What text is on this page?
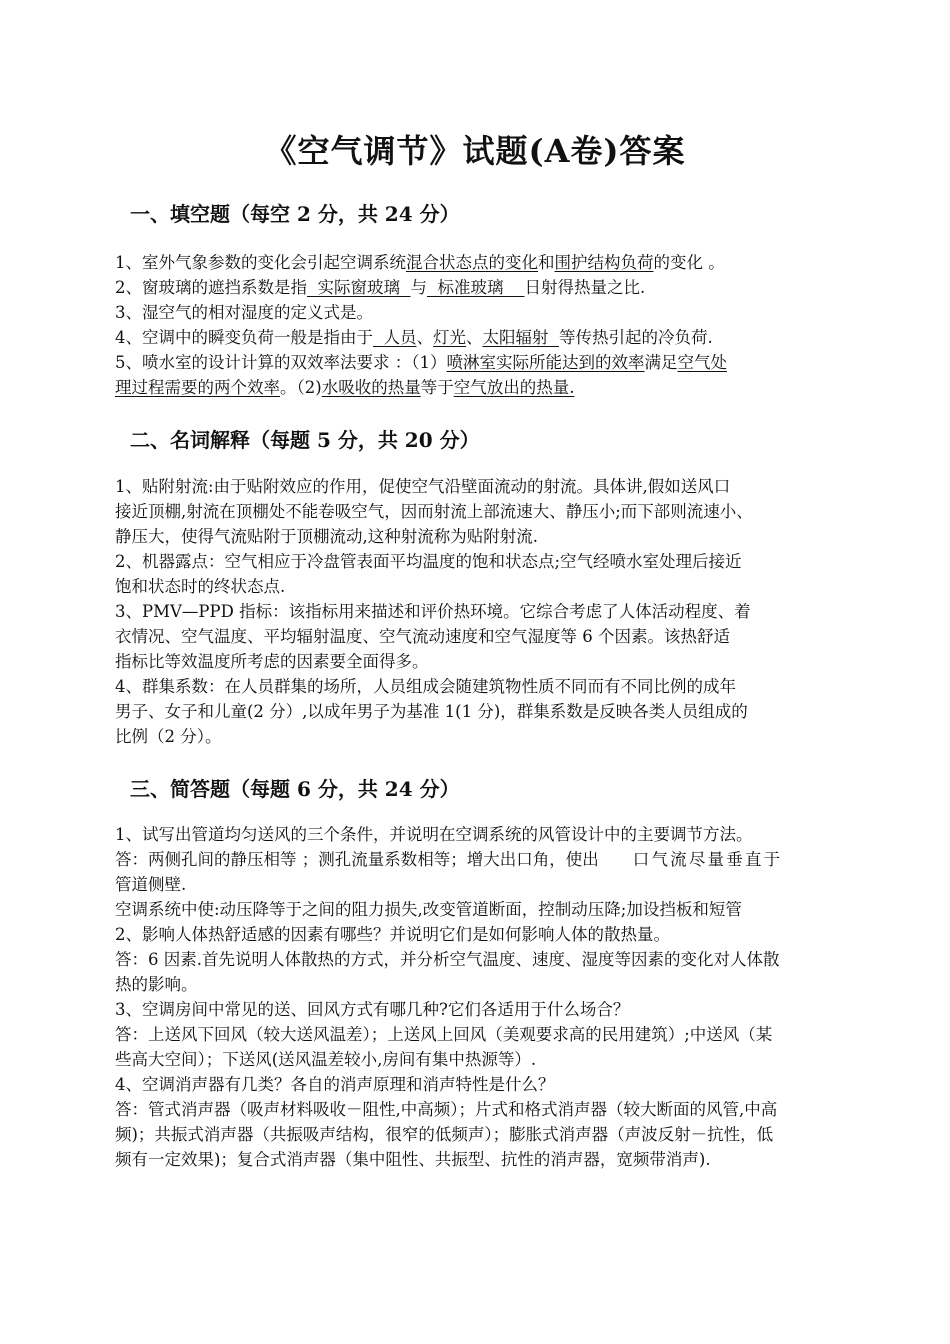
《空气调节》试题(A卷)答案
一、填空题（每空 2 分，共 24 分）
1、室外气象参数的变化会引起空调系统混合状态点的变化和围护结构负荷的变化 。
2、窗玻璃的遮挡系数是指  实际窗玻璃  与  标准玻璃    日射得热量之比.
3、湿空气的相对湿度的定义式是。
4、空调中的瞬变负荷一般是指由于  人员、灯光、太阳辐射  等传热引起的冷负荷.
5、喷水室的设计计算的双效率法要求 ：（1）喷淋室实际所能达到的效率满足空气处
理过程需要的两个效率。（2)水吸收的热量等于空气放出的热量.
二、名词解释（每题 5 分，共 20 分）
1、贴附射流:由于贴附效应的作用，促使空气沿壁面流动的射流。具体讲,假如送风口
接近顶棚,射流在顶棚处不能卷吸空气，因而射流上部流速大、静压小;而下部则流速小、
静压大，使得气流贴附于顶棚流动,这种射流称为贴附射流.
2、机器露点：空气相应于冷盘管表面平均温度的饱和状态点;空气经喷水室处理后接近
饱和状态时的终状态点.
3、PMV—PPD 指标：该指标用来描述和评价热环境。它综合考虑了人体活动程度、着
衣情况、空气温度、平均辐射温度、空气流动速度和空气湿度等 6 个因素。该热舒适
指标比等效温度所考虑的因素要全面得多。
4、群集系数：在人员群集的场所，人员组成会随建筑物性质不同而有不同比例的成年
男子、女子和儿童(2 分）,以成年男子为基准 1(1 分)，群集系数是反映各类人员组成的
比例（2 分）。
三、简答题（每题 6 分，共 24 分）
1、试写出管道均匀送风的三个条件，并说明在空调系统的风管设计中的主要调节方法。
答：两侧孔间的静压相等 ；测孔流量系数相等；增大出口角，使出 口气流尽量垂直于
管道侧壁.
空调系统中使:动压降等于之间的阻力损失,改变管道断面，控制动压降;加设挡板和短管
2、影响人体热舒适感的因素有哪些？并说明它们是如何影响人体的散热量。
答：6 因素.首先说明人体散热的方式，并分析空气温度、速度、湿度等因素的变化对人体散
热的影响。
3、空调房间中常见的送、回风方式有哪几种?它们各适用于什么场合？
答：上送风下回风（较大送风温差）；上送风上回风（美观要求高的民用建筑）;中送风（某
些高大空间）；下送风(送风温差较小,房间有集中热源等）.
4、空调消声器有几类？各自的消声原理和消声特性是什么？
答：管式消声器（吸声材料吸收－阻性,中高频）；片式和格式消声器（较大断面的风管,中高
频)；共振式消声器（共振吸声结构，很窄的低频声）；膨胀式消声器（声波反射－抗性，低
频有一定效果)；复合式消声器（集中阻性、共振型、抗性的消声器，宽频带消声).
